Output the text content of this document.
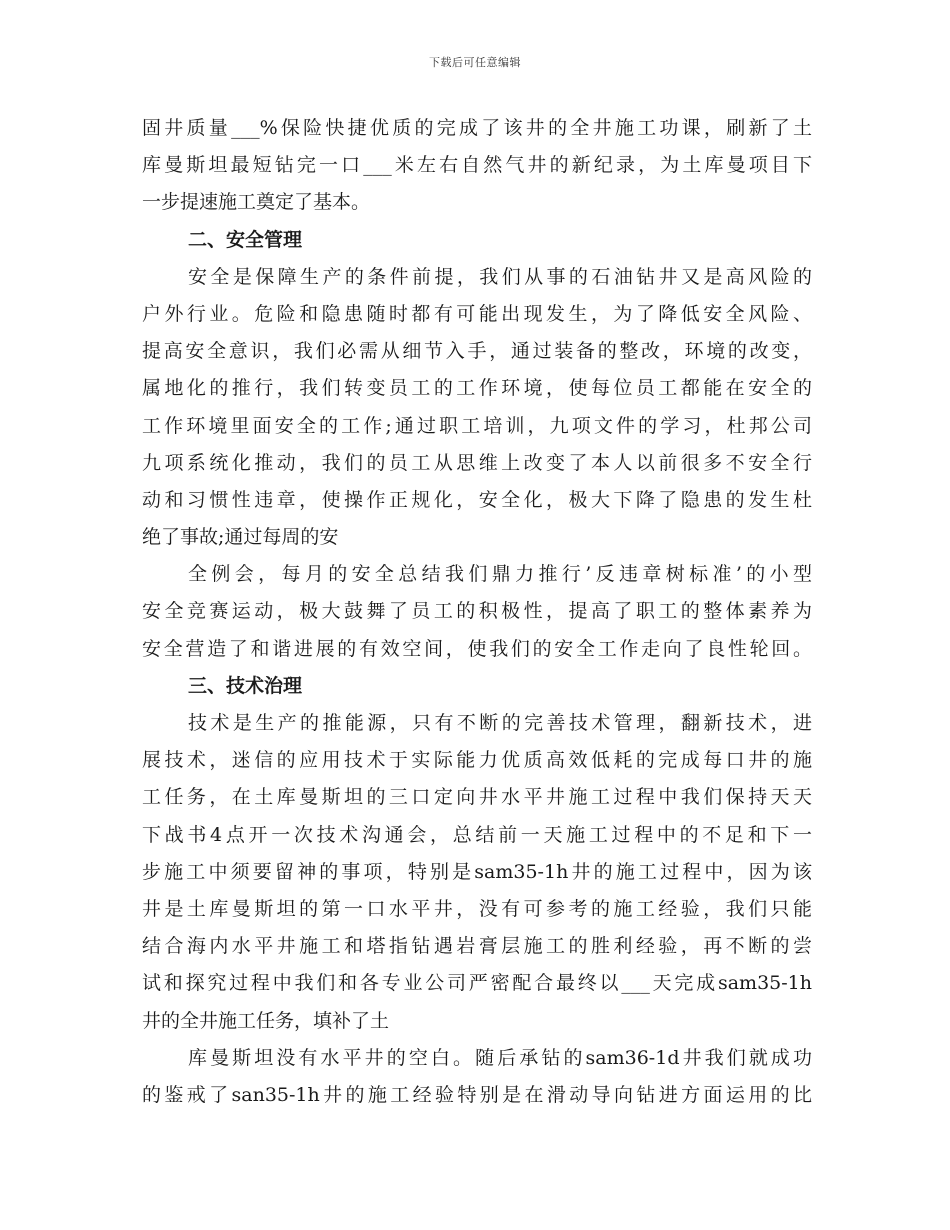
下载后可任意编辑
固井质量___%保险快捷优质的完成了该井的全井施工功课，刷新了土
库曼斯坦最短钻完一口___米左右自然气井的新纪录，为土库曼项目下
一步提速施工奠定了基本。
二、安全管理
安全是保障生产的条件前提，我们从事的石油钻井又是高风险的
户外行业。危险和隐患随时都有可能出现发生，为了降低安全风险、
提高安全意识，我们必需从细节入手，通过装备的整改，环境的改变，
属地化的推行，我们转变员工的工作环境，使每位员工都能在安全的
工作环境里面安全的工作;通过职工培训，九项文件的学习，杜邦公司
九项系统化推动，我们的员工从思维上改变了本人以前很多不安全行
动和习惯性违章，使操作正规化，安全化，极大下降了隐患的发生杜
绝了事故;通过每周的安
全例会，每月的安全总结我们鼎力推行’反违章树标准’的小型
安全竞赛运动，极大鼓舞了员工的积极性，提高了职工的整体素养为
安全营造了和谐进展的有效空间，使我们的安全工作走向了良性轮回。
三、技术治理
技术是生产的推能源，只有不断的完善技术管理，翻新技术，进
展技术，迷信的应用技术于实际能力优质高效低耗的完成每口井的施
工任务，在土库曼斯坦的三口定向井水平井施工过程中我们保持天天
下战书4点开一次技术沟通会，总结前一天施工过程中的不足和下一
步施工中须要留神的事项，特别是sam35-1h井的施工过程中，因为该
井是土库曼斯坦的第一口水平井，没有可参考的施工经验，我们只能
结合海内水平井施工和塔指钻遇岩膏层施工的胜利经验，再不断的尝
试和探究过程中我们和各专业公司严密配合最终以___天完成sam35-1h
井的全井施工任务，填补了土
库曼斯坦没有水平井的空白。随后承钻的sam36-1d井我们就成功
的鉴戒了san35-1h井的施工经验特别是在滑动导向钻进方面运用的比
